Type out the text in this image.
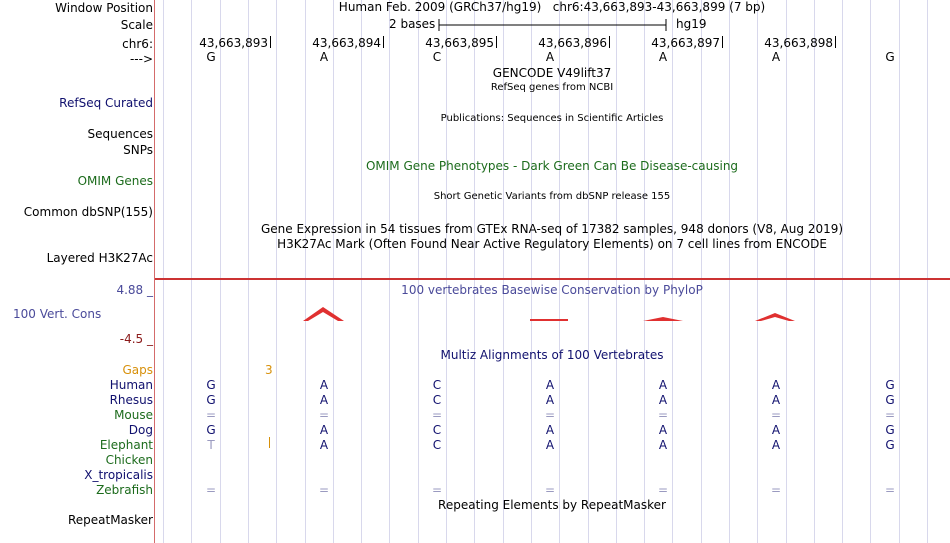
Window Position	Human Feb. 2009 (GRCh37/hg19) chr6:43,663,893-43,663,899 (7 bp)
Scale	2 bases	hg19
chr6:	43,663,893	43,663,894	43,663,895	43,663,896	43,663,897	43,663,898
--->	G	A	C	A	A	A	G
GENCODE V49lift37
RefSeq genes from NCBI
RefSeq Curated
Publications: Sequences in Scientific Articles
Sequences
SNPs
OMIM Gene Phenotypes - Dark Green Can Be Disease-causing
OMIM Genes
Short Genetic Variants from dbSNP release 155
Common dbSNP(155)
Gene Expression in 54 tissues from GTEx RNA-seq of 17382 samples, 948 donors (V8, Aug 2019)
H3K27Ac Mark (Often Found Near Active Regulatory Elements) on 7 cell lines from ENCODE
Layered H3K27Ac
4.88 _	100 vertebrates Basewise Conservation by PhyloP
100 Vert. Cons
-4.5 _
Multiz Alignments of 100 Vertebrates
Gaps	3
Human	G	A	C	A	A	A	G
Rhesus	G	A	C	A	A	A	G
Mouse	=	=	=	=	=	=	=
Dog	G	A	C	A	A	A	G
Elephant	T	A	C	A	A	A	G
Chicken
X_tropicalis
Zebrafish	=	=	=	=	=	=	=
Repeating Elements by RepeatMasker
RepeatMasker
